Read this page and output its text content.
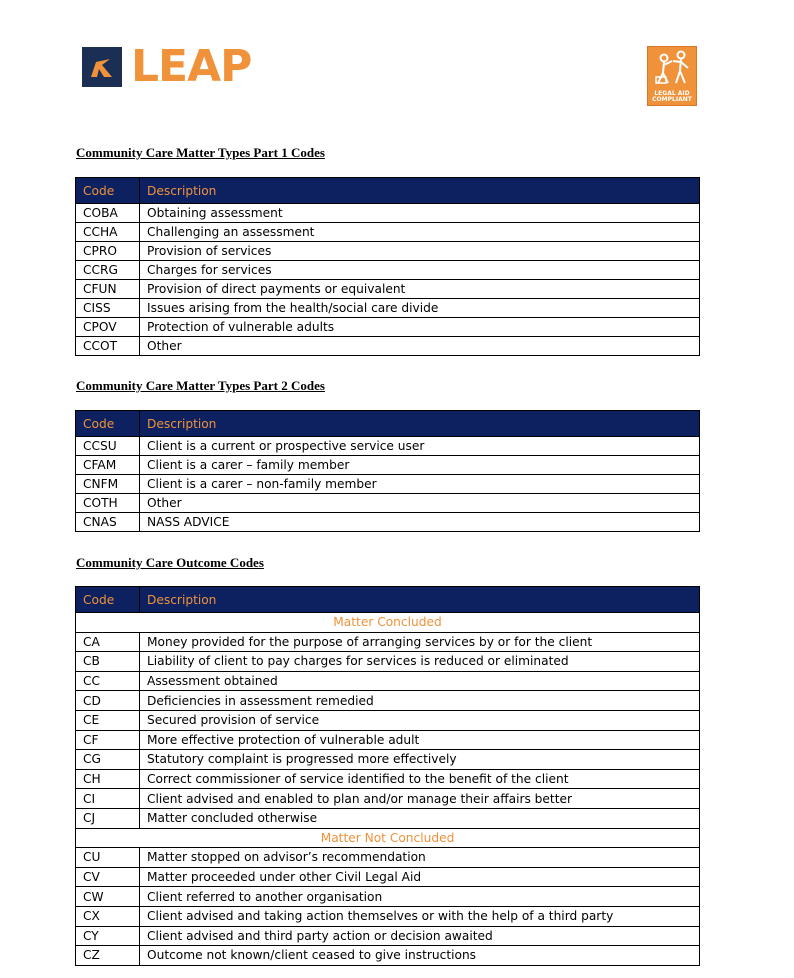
LEAP
LEGAL AID
COMPLIANT
Community Care Matter Types Part 1 Codes
Code	Description
COBA	Obtaining assessment
CCHA	Challenging an assessment
CPRO	Provision of services
CCRG	Charges for services
CFUN	Provision of direct payments or equivalent
CISS	Issues arising from the health/social care divide
CPOV	Protection of vulnerable adults
CCOT	Other
Community Care Matter Types Part 2 Codes
Code	Description
CCSU	Client is a current or prospective service user
CFAM	Client is a carer – family member
CNFM	Client is a carer – non-family member
COTH	Other
CNAS	NASS ADVICE
Community Care Outcome Codes
Code	Description
Matter Concluded	
CA	Money provided for the purpose of arranging services by or for the client
CB	Liability of client to pay charges for services is reduced or eliminated
CC	Assessment obtained
CD	Deficiencies in assessment remedied
CE	Secured provision of service
CF	More effective protection of vulnerable adult
CG	Statutory complaint is progressed more effectively
CH	Correct commissioner of service identified to the benefit of the client
CI	Client advised and enabled to plan and/or manage their affairs better
CJ	Matter concluded otherwise
Matter Not Concluded	
CU	Matter stopped on advisor’s recommendation
CV	Matter proceeded under other Civil Legal Aid
CW	Client referred to another organisation
CX	Client advised and taking action themselves or with the help of a third party
CY	Client advised and third party action or decision awaited
CZ	Outcome not known/client ceased to give instructions
